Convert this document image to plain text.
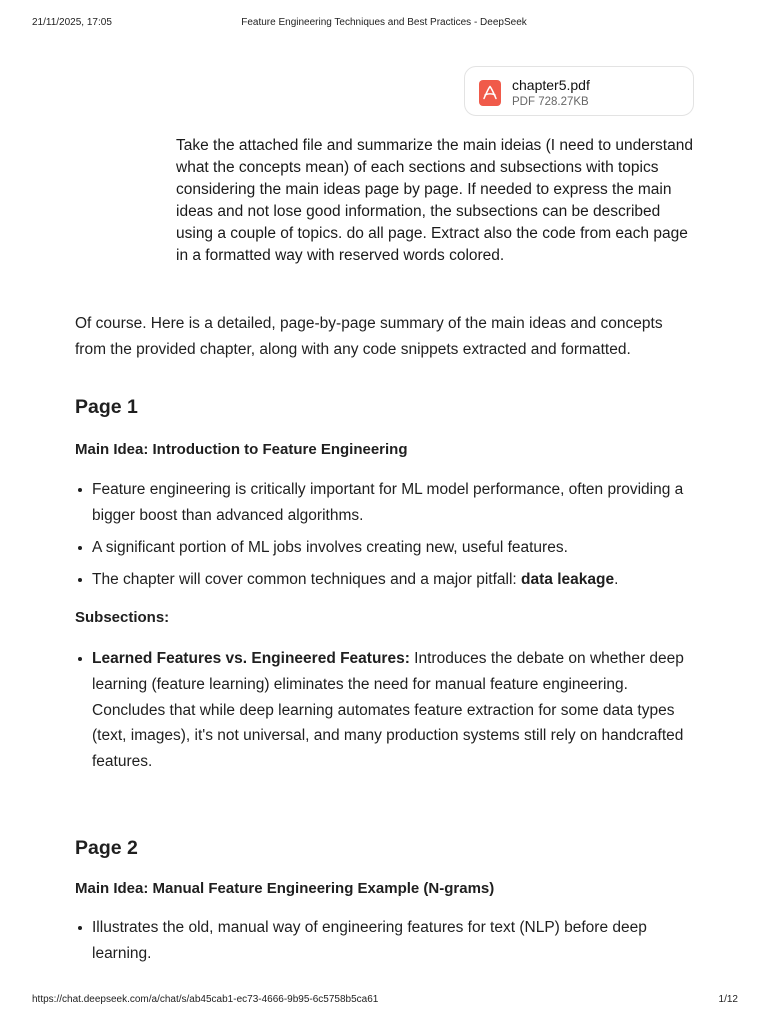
21/11/2025, 17:05	Feature Engineering Techniques and Best Practices - DeepSeek
chapter5.pdf
PDF 728.27KB
Take the attached file and summarize the main ideias (I need to understand what the concepts mean) of each sections and subsections with topics considering the main ideas page by page. If needed to express the main ideas and not lose good information, the subsections can be described using a couple of topics. do all page. Extract also the code from each page in a formatted way with reserved words colored.

Of course. Here is a detailed, page-by-page summary of the main ideas and concepts from the provided chapter, along with any code snippets extracted and formatted.

Page 1

Main Idea: Introduction to Feature Engineering

Feature engineering is critically important for ML model performance, often providing a bigger boost than advanced algorithms.
A significant portion of ML jobs involves creating new, useful features.
The chapter will cover common techniques and a major pitfall: data leakage.

Subsections:

Learned Features vs. Engineered Features: Introduces the debate on whether deep learning (feature learning) eliminates the need for manual feature engineering. Concludes that while deep learning automates feature extraction for some data types (text, images), it's not universal, and many production systems still rely on handcrafted features.
Page 2

Main Idea: Manual Feature Engineering Example (N-grams)

Illustrates the old, manual way of engineering features for text (NLP) before deep learning.
https://chat.deepseek.com/a/chat/s/ab45cab1-ec73-4666-9b95-6c5758b5ca61	1/12
